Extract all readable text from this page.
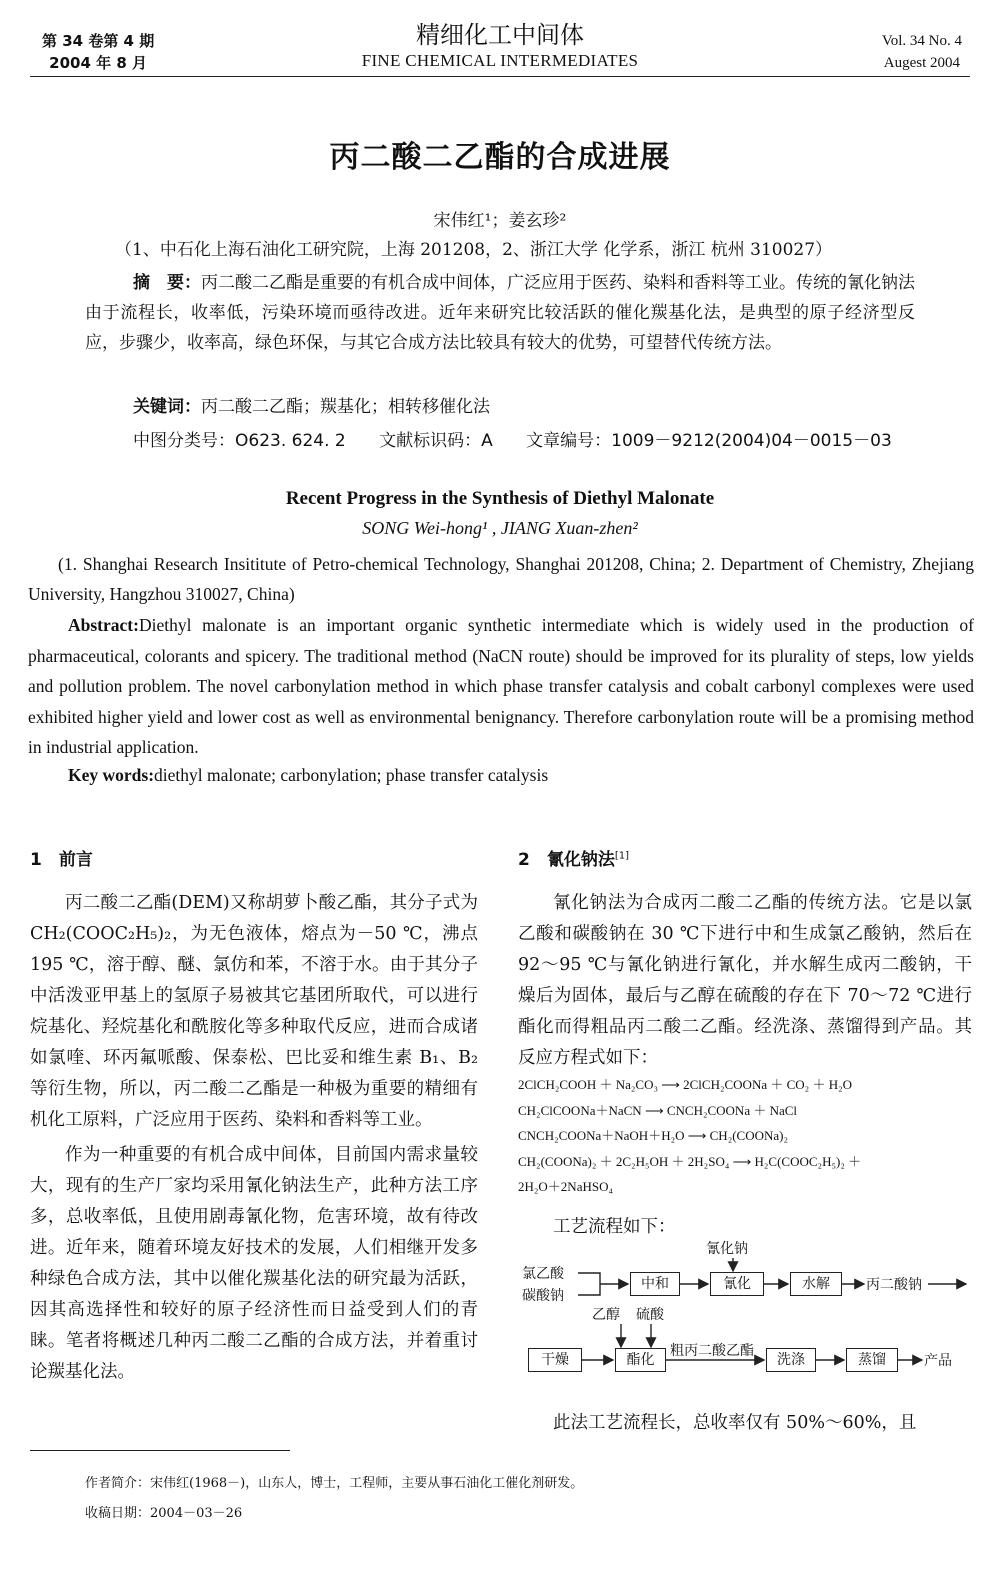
第 34 卷第 4 期
2004 年 8 月
精细化工中间体
FINE CHEMICAL INTERMEDIATES
Vol. 34 No. 4
Augest 2004
丙二酸二乙酯的合成进展
宋伟红¹；姜玄珍²
（1、中石化上海石油化工研究院，上海 201208，2、浙江大学 化学系，浙江 杭州 310027）
摘　要：丙二酸二乙酯是重要的有机合成中间体，广泛应用于医药、染料和香料等工业。传统的氰化钠法由于流程长，收率低，污染环境而亟待改进。近年来研究比较活跃的催化羰基化法，是典型的原子经济型反应，步骤少，收率高，绿色环保，与其它合成方法比较具有较大的优势，可望替代传统方法。
关键词：丙二酸二乙酯；羰基化；相转移催化法
中图分类号：O623. 624. 2 文献标识码：A 文章编号：1009－9212(2004)04－0015－03
Recent Progress in the Synthesis of Diethyl Malonate
SONG Wei-hong¹ , JIANG Xuan-zhen²
(1. Shanghai Research Insititute of Petro-chemical Technology, Shanghai 201208, China; 2. Department of Chemistry, Zhejiang University, Hangzhou 310027, China)
Abstract:Diethyl malonate is an important organic synthetic intermediate which is widely used in the production of pharmaceutical, colorants and spicery. The traditional method (NaCN route) should be improved for its plurality of steps, low yields and pollution problem. The novel carbonylation method in which phase transfer catalysis and cobalt carbonyl complexes were used exhibited higher yield and lower cost as well as environmental benignancy. Therefore carbonylation route will be a promising method in industrial application.
Key words:diethyl malonate; carbonylation; phase transfer catalysis
1　前言

丙二酸二乙酯(DEM)又称胡萝卜酸乙酯，其分子式为 CH₂(COOC₂H₅)₂，为无色液体，熔点为－50 ℃，沸点 195 ℃，溶于醇、醚、氯仿和苯，不溶于水。由于其分子中活泼亚甲基上的氢原子易被其它基团所取代，可以进行烷基化、羟烷基化和酰胺化等多种取代反应，进而合成诸如氯喹、环丙氟哌酸、保泰松、巴比妥和维生素 B₁、B₂ 等衍生物，所以，丙二酸二乙酯是一种极为重要的精细有机化工原料，广泛应用于医药、染料和香料等工业。

作为一种重要的有机合成中间体，目前国内需求量较大，现有的生产厂家均采用氰化钠法生产，此种方法工序多，总收率低，且使用剧毒氰化物，危害环境，故有待改进。近年来，随着环境友好技术的发展，人们相继开发多种绿色合成方法，其中以催化羰基化法的研究最为活跃，因其高选择性和较好的原子经济性而日益受到人们的青睐。笔者将概述几种丙二酸二乙酯的合成方法，并着重讨论羰基化法。

2　氰化钠法[1]

氰化钠法为合成丙二酸二乙酯的传统方法。它是以氯乙酸和碳酸钠在 30 ℃下进行中和生成氯乙酸钠，然后在 92～95 ℃与氰化钠进行氰化，并水解生成丙二酸钠，干燥后为固体，最后与乙醇在硫酸的存在下 70～72 ℃进行酯化而得粗品丙二酸二乙酯。经洗涤、蒸馏得到产品。其反应方程式如下：

2ClCH₂COOH ＋ Na₂CO₃ ⟶ 2ClCH₂COONa ＋ CO₂ ＋ H₂O
CH₂ClCOONa＋NaCN ⟶ CNCH₂COONa ＋ NaCl
CNCH₂COONa＋NaOH＋H₂O ⟶ CH₂(COONa)₂
CH₂(COONa)₂ ＋ 2C₂H₅OH ＋ 2H₂SO₄ ⟶ H₂C(COOC₂H₅)₂ ＋
2H₂O＋2NaHSO₄
工艺流程如下：
氯乙酸
碳酸钠
中和
氰化钠
氰化	水解	丙二酸钠
乙醇 硫酸
干燥	酯化
粗丙二酸乙酯
洗涤	蒸馏	产品
此法工艺流程长，总收率仅有 50%～60%，且
作者简介：宋伟红(1968－)，山东人，博士，工程师，主要从事石油化工催化剂研发。
收稿日期：2004－03－26
